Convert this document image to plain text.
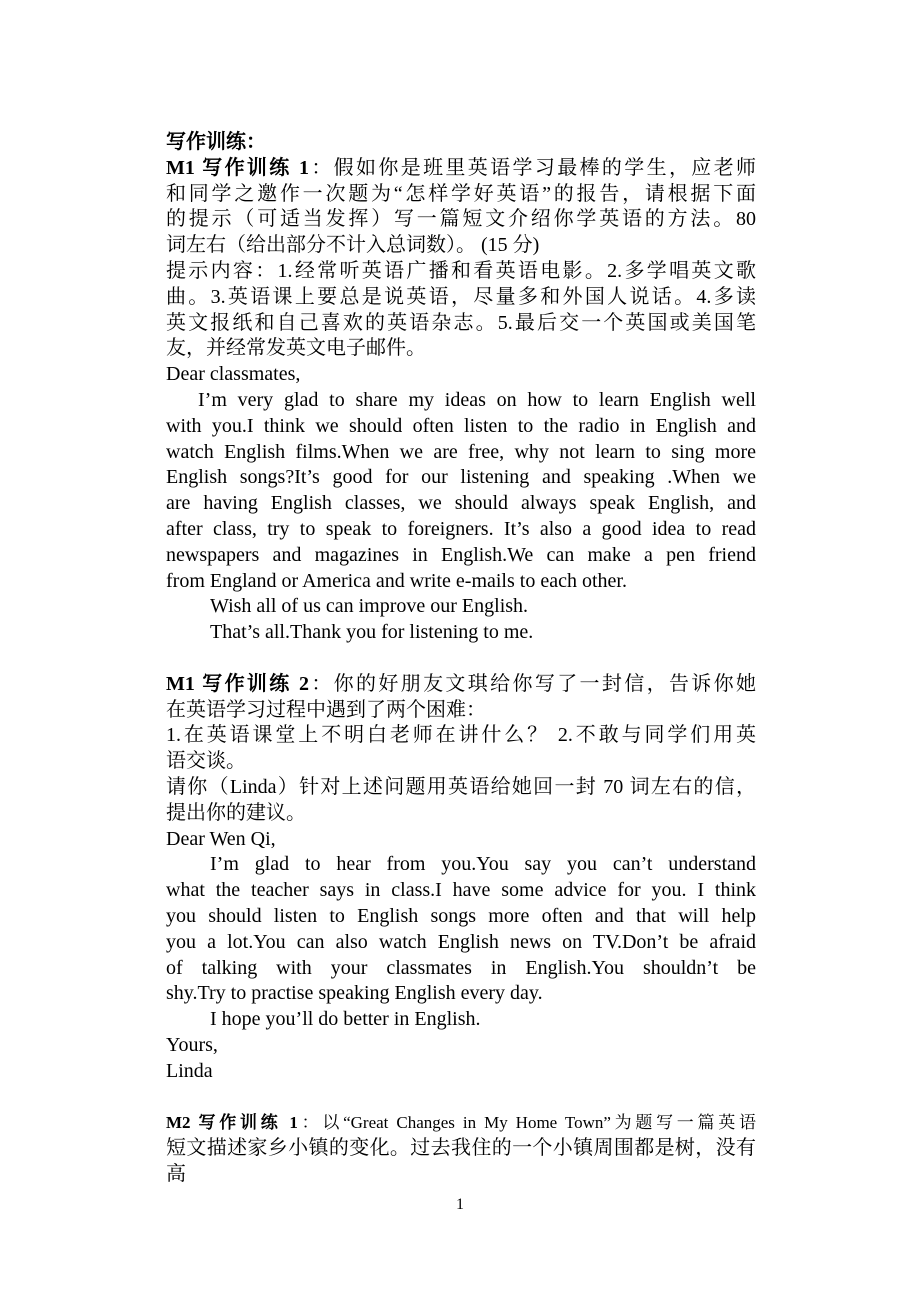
写作训练：
M1 写作训练 1：假如你是班里英语学习最棒的学生，应老师
和同学之邀作一次题为“怎样学好英语”的报告，请根据下面
的提示（可适当发挥）写一篇短文介绍你学英语的方法。80
词左右（给出部分不计入总词数）。 (15 分)
提示内容：1.经常听英语广播和看英语电影。2.多学唱英文歌
曲。3.英语课上要总是说英语，尽量多和外国人说话。4.多读
英文报纸和自己喜欢的英语杂志。5.最后交一个英国或美国笔
友，并经常发英文电子邮件。
Dear classmates,
I’m very glad to share my ideas on how to learn English well
with you.I think we should often listen to the radio in English and
watch English films.When we are free, why not learn to sing more
English songs?It’s good for our listening and speaking .When we
are having English classes, we should always speak English, and
after class, try to speak to foreigners. It’s also a good idea to read
newspapers and magazines in English.We can make a pen friend
from England or America and write e-mails to each other.
Wish all of us can improve our English.
That’s all.Thank you for listening to me.
M1 写作训练 2：你的好朋友文琪给你写了一封信，告诉你她
在英语学习过程中遇到了两个困难：
1.在英语课堂上不明白老师在讲什么？ 2.不敢与同学们用英
语交谈。
请你（Linda）针对上述问题用英语给她回一封 70 词左右的信，
提出你的建议。
Dear Wen Qi,
I’m glad to hear from you.You say you can’t understand
what the teacher says in class.I have some advice for you. I think
you should listen to English songs more often and that will help
you a lot.You can also watch English news on TV.Don’t be afraid
of talking with your classmates in English.You shouldn’t be
shy.Try to practise speaking English every day.
I hope you’ll do better in English.
Yours,
Linda
M2 写作训练 1：以“Great Changes in My Home Town”为题写一篇英语
短文描述家乡小镇的变化。过去我住的一个小镇周围都是树，没有高
1
